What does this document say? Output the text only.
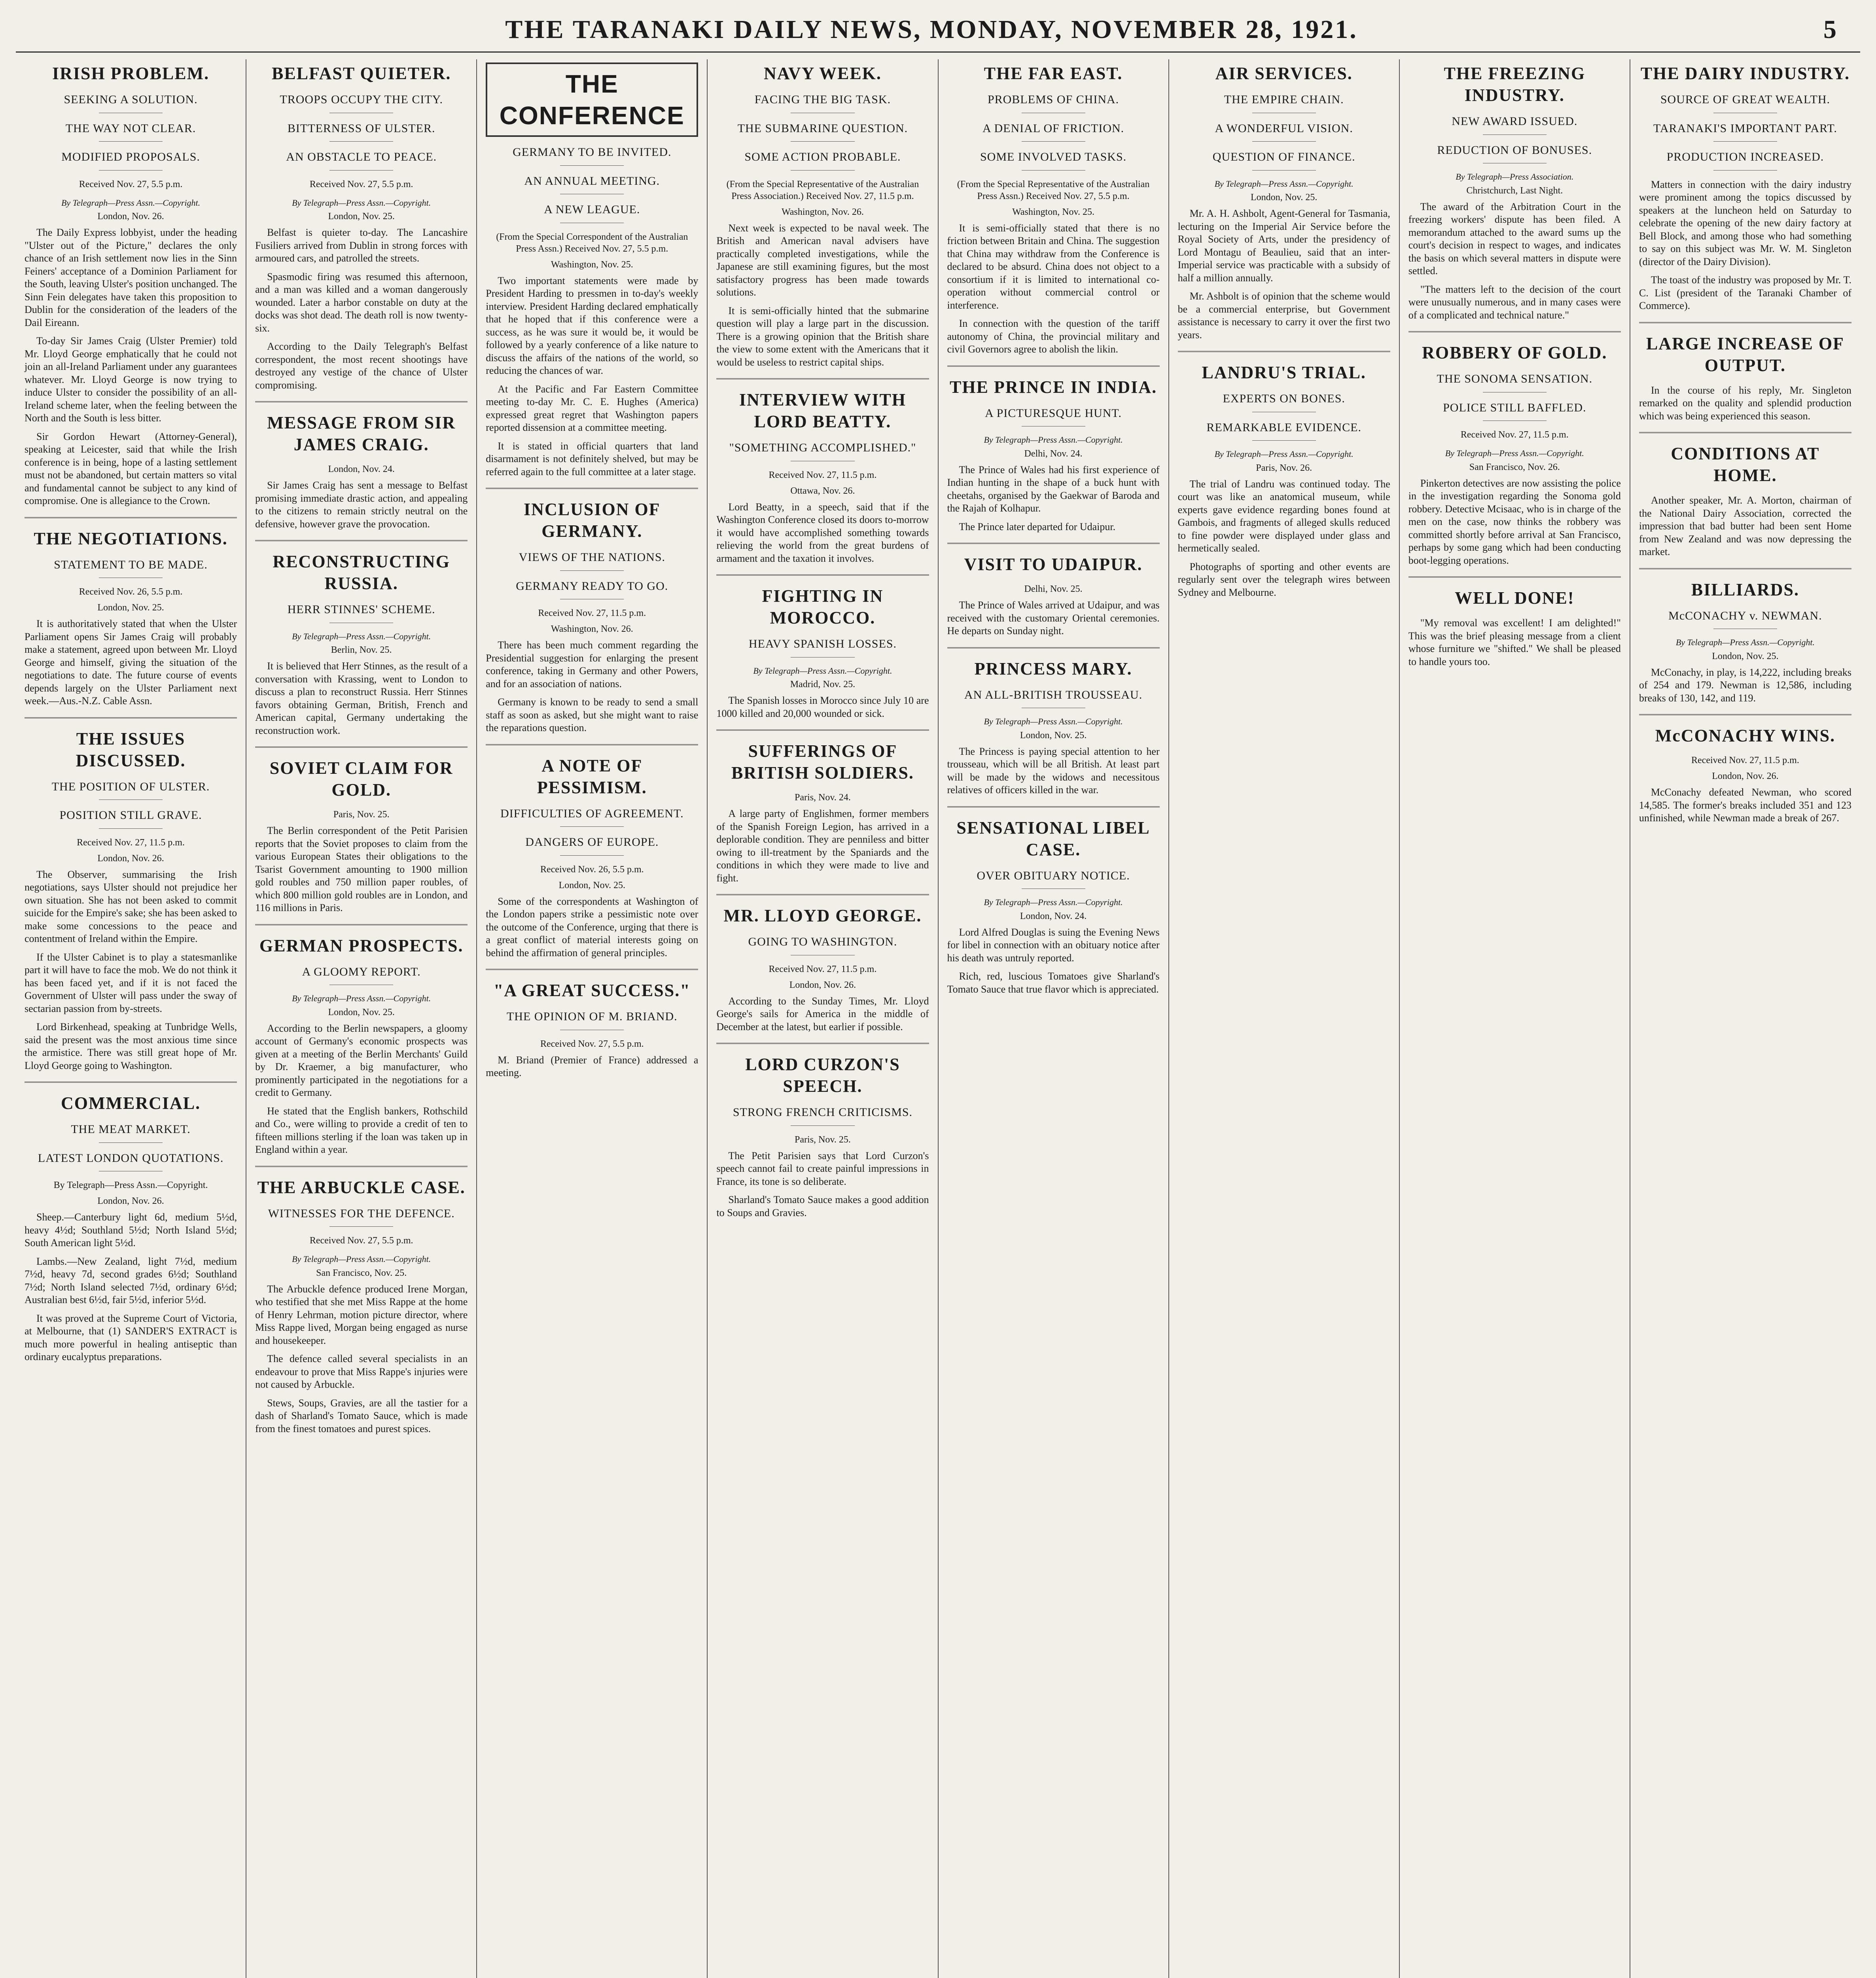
THE TARANAKI DAILY NEWS, MONDAY, NOVEMBER 28, 1921.	5
IRISH PROBLEM.
SEEKING A SOLUTION.
THE WAY NOT CLEAR.
MODIFIED PROPOSALS.
Received Nov. 27, 5.5 p.m.
By Telegraph—Press Assn.—Copyright.
London, Nov. 26.

The Daily Express lobbyist, under the heading "Ulster out of the Picture," declares the only chance of an Irish settlement now lies in the Sinn Feiners' acceptance of a Dominion Parliament for the South, leaving Ulster's position unchanged. The Sinn Fein delegates have taken this proposition to Dublin for the consideration of the leaders of the Dail Eireann.

To-day Sir James Craig (Ulster Premier) told Mr. Lloyd George emphatically that he could not join an all-Ireland Parliament under any guarantees whatever. Mr. Lloyd George is now trying to induce Ulster to consider the possibility of an all-Ireland scheme later, when the feeling between the North and the South is less bitter.

Sir Gordon Hewart (Attorney-General), speaking at Leicester, said that while the Irish conference is in being, hope of a lasting settlement must not be abandoned, but certain matters so vital and fundamental cannot be subject to any kind of compromise. One is allegiance to the Crown.

THE NEGOTIATIONS.
STATEMENT TO BE MADE.
Received Nov. 26, 5.5 p.m.
London, Nov. 25.

It is authoritatively stated that when the Ulster Parliament opens Sir James Craig will probably make a statement, agreed upon between Mr. Lloyd George and himself, giving the situation of the negotiations to date. The future course of events depends largely on the Ulster Parliament next week.—Aus.-N.Z. Cable Assn.

THE ISSUES DISCUSSED.
THE POSITION OF ULSTER.
POSITION STILL GRAVE.
Received Nov. 27, 11.5 p.m.
London, Nov. 26.

The Observer, summarising the Irish negotiations, says Ulster should not prejudice her own situation. She has not been asked to commit suicide for the Empire's sake; she has been asked to make some concessions to the peace and contentment of Ireland within the Empire.

If the Ulster Cabinet is to play a statesmanlike part it will have to face the mob. We do not think it has been faced yet, and if it is not faced the Government of Ulster will pass under the sway of sectarian passion from by-streets.

Lord Birkenhead, speaking at Tunbridge Wells, said the present was the most anxious time since the armistice. There was still great hope of Mr. Lloyd George going to Washington.

COMMERCIAL.
THE MEAT MARKET.
LATEST LONDON QUOTATIONS.
By Telegraph—Press Assn.—Copyright.
London, Nov. 26.

Sheep.—Canterbury light 6d, medium 5½d, heavy 4½d; Southland 5½d; North Island 5½d; South American light 5½d.

Lambs.—New Zealand, light 7½d, medium 7½d, heavy 7d, second grades 6½d; Southland 7½d; North Island selected 7½d, ordinary 6½d; Australian best 6½d, fair 5½d, inferior 5½d.

It was proved at the Supreme Court of Victoria, at Melbourne, that (1) SANDER'S EXTRACT is much more powerful in healing antiseptic than ordinary eucalyptus preparations.

BELFAST QUIETER.
TROOPS OCCUPY THE CITY.
BITTERNESS OF ULSTER.
AN OBSTACLE TO PEACE.
Received Nov. 27, 5.5 p.m.
By Telegraph—Press Assn.—Copyright.
London, Nov. 25.

Belfast is quieter to-day. The Lancashire Fusiliers arrived from Dublin in strong forces with armoured cars, and patrolled the streets.

Spasmodic firing was resumed this afternoon, and a man was killed and a woman dangerously wounded. Later a harbor constable on duty at the docks was shot dead. The death roll is now twenty-six.

According to the Daily Telegraph's Belfast correspondent, the most recent shootings have destroyed any vestige of the chance of Ulster compromising.

MESSAGE FROM SIR JAMES CRAIG.
London, Nov. 24.

Sir James Craig has sent a message to Belfast promising immediate drastic action, and appealing to the citizens to remain strictly neutral on the defensive, however grave the provocation.

RECONSTRUCTING RUSSIA.
HERR STINNES' SCHEME.
By Telegraph—Press Assn.—Copyright.
Berlin, Nov. 25.

It is believed that Herr Stinnes, as the result of a conversation with Krassing, went to London to discuss a plan to reconstruct Russia. Herr Stinnes favors obtaining German, British, French and American capital, Germany undertaking the reconstruction work.

SOVIET CLAIM FOR GOLD.
Paris, Nov. 25.

The Berlin correspondent of the Petit Parisien reports that the Soviet proposes to claim from the various European States their obligations to the Tsarist Government amounting to 1900 million gold roubles and 750 million paper roubles, of which 800 million gold roubles are in London, and 116 millions in Paris.

GERMAN PROSPECTS.
A GLOOMY REPORT.
By Telegraph—Press Assn.—Copyright.
London, Nov. 25.

According to the Berlin newspapers, a gloomy account of Germany's economic prospects was given at a meeting of the Berlin Merchants' Guild by Dr. Kraemer, a big manufacturer, who prominently participated in the negotiations for a credit to Germany.

He stated that the English bankers, Rothschild and Co., were willing to provide a credit of ten to fifteen millions sterling if the loan was taken up in England within a year.

THE ARBUCKLE CASE.
WITNESSES FOR THE DEFENCE.
Received Nov. 27, 5.5 p.m.
By Telegraph—Press Assn.—Copyright.
San Francisco, Nov. 25.

The Arbuckle defence produced Irene Morgan, who testified that she met Miss Rappe at the home of Henry Lehrman, motion picture director, where Miss Rappe lived, Morgan being engaged as nurse and housekeeper.

The defence called several specialists in an endeavour to prove that Miss Rappe's injuries were not caused by Arbuckle.

Stews, Soups, Gravies, are all the tastier for a dash of Sharland's Tomato Sauce, which is made from the finest tomatoes and purest spices.

THE CONFERENCE
GERMANY TO BE INVITED.
AN ANNUAL MEETING.
A NEW LEAGUE.
(From the Special Correspondent of the Australian Press Assn.) Received Nov. 27, 5.5 p.m.
Washington, Nov. 25.

Two important statements were made by President Harding to pressmen in to-day's weekly interview. President Harding declared emphatically that he hoped that if this conference were a success, as he was sure it would be, it would be followed by a yearly conference of a like nature to discuss the affairs of the nations of the world, so reducing the chances of war.

At the Pacific and Far Eastern Committee meeting to-day Mr. C. E. Hughes (America) expressed great regret that Washington papers reported dissension at a committee meeting.

It is stated in official quarters that land disarmament is not definitely shelved, but may be referred again to the full committee at a later stage.

INCLUSION OF GERMANY.
VIEWS OF THE NATIONS.
GERMANY READY TO GO.
Received Nov. 27, 11.5 p.m.
Washington, Nov. 26.

There has been much comment regarding the Presidential suggestion for enlarging the present conference, taking in Germany and other Powers, and for an association of nations.

Germany is known to be ready to send a small staff as soon as asked, but she might want to raise the reparations question.

A NOTE OF PESSIMISM.
DIFFICULTIES OF AGREEMENT.
DANGERS OF EUROPE.
Received Nov. 26, 5.5 p.m.
London, Nov. 25.

Some of the correspondents at Washington of the London papers strike a pessimistic note over the outcome of the Conference, urging that there is a great conflict of material interests going on behind the affirmation of general principles.

"A GREAT SUCCESS."
THE OPINION OF M. BRIAND.
Received Nov. 27, 5.5 p.m.

M. Briand (Premier of France) addressed a meeting.

NAVY WEEK.
FACING THE BIG TASK.
THE SUBMARINE QUESTION.
SOME ACTION PROBABLE.
(From the Special Representative of the Australian Press Association.) Received Nov. 27, 11.5 p.m.
Washington, Nov. 26.

Next week is expected to be naval week. The British and American naval advisers have practically completed investigations, while the Japanese are still examining figures, but the most satisfactory progress has been made towards solutions.

It is semi-officially hinted that the submarine question will play a large part in the discussion. There is a growing opinion that the British share the view to some extent with the Americans that it would be useless to restrict capital ships.

INTERVIEW WITH LORD BEATTY.
"SOMETHING ACCOMPLISHED."
Received Nov. 27, 11.5 p.m.
Ottawa, Nov. 26.

Lord Beatty, in a speech, said that if the Washington Conference closed its doors to-morrow it would have accomplished something towards relieving the world from the great burdens of armament and the taxation it involves.

FIGHTING IN MOROCCO.
HEAVY SPANISH LOSSES.
By Telegraph—Press Assn.—Copyright.
Madrid, Nov. 25.

The Spanish losses in Morocco since July 10 are 1000 killed and 20,000 wounded or sick.

SUFFERINGS OF BRITISH SOLDIERS.
Paris, Nov. 24.

A large party of Englishmen, former members of the Spanish Foreign Legion, has arrived in a deplorable condition. They are penniless and bitter owing to ill-treatment by the Spaniards and the conditions in which they were made to live and fight.

MR. LLOYD GEORGE.
GOING TO WASHINGTON.
Received Nov. 27, 11.5 p.m.
London, Nov. 26.

According to the Sunday Times, Mr. Lloyd George's sails for America in the middle of December at the latest, but earlier if possible.

LORD CURZON'S SPEECH.
STRONG FRENCH CRITICISMS.
Paris, Nov. 25.

The Petit Parisien says that Lord Curzon's speech cannot fail to create painful impressions in France, its tone is so deliberate.

Sharland's Tomato Sauce makes a good addition to Soups and Gravies.

THE FAR EAST.
PROBLEMS OF CHINA.
A DENIAL OF FRICTION.
SOME INVOLVED TASKS.
(From the Special Representative of the Australian Press Assn.) Received Nov. 27, 5.5 p.m.
Washington, Nov. 25.

It is semi-officially stated that there is no friction between Britain and China. The suggestion that China may withdraw from the Conference is declared to be absurd. China does not object to a consortium if it is limited to international co-operation without commercial control or interference.

In connection with the question of the tariff autonomy of China, the provincial military and civil Governors agree to abolish the likin.

THE PRINCE IN INDIA.
A PICTURESQUE HUNT.
By Telegraph—Press Assn.—Copyright.
Delhi, Nov. 24.

The Prince of Wales had his first experience of Indian hunting in the shape of a buck hunt with cheetahs, organised by the Gaekwar of Baroda and the Rajah of Kolhapur.

The Prince later departed for Udaipur.

VISIT TO UDAIPUR.
Delhi, Nov. 25.

The Prince of Wales arrived at Udaipur, and was received with the customary Oriental ceremonies. He departs on Sunday night.

PRINCESS MARY.
AN ALL-BRITISH TROUSSEAU.
By Telegraph—Press Assn.—Copyright.
London, Nov. 25.

The Princess is paying special attention to her trousseau, which will be all British. At least part will be made by the widows and necessitous relatives of officers killed in the war.

SENSATIONAL LIBEL CASE.
OVER OBITUARY NOTICE.
By Telegraph—Press Assn.—Copyright.
London, Nov. 24.

Lord Alfred Douglas is suing the Evening News for libel in connection with an obituary notice after his death was untruly reported.

Rich, red, luscious Tomatoes give Sharland's Tomato Sauce that true flavor which is appreciated.

AIR SERVICES.
THE EMPIRE CHAIN.
A WONDERFUL VISION.
QUESTION OF FINANCE.
By Telegraph—Press Assn.—Copyright.
London, Nov. 25.

Mr. A. H. Ashbolt, Agent-General for Tasmania, lecturing on the Imperial Air Service before the Royal Society of Arts, under the presidency of Lord Montagu of Beaulieu, said that an inter-Imperial service was practicable with a subsidy of half a million annually.

Mr. Ashbolt is of opinion that the scheme would be a commercial enterprise, but Government assistance is necessary to carry it over the first two years.

LANDRU'S TRIAL.
EXPERTS ON BONES.
REMARKABLE EVIDENCE.
By Telegraph—Press Assn.—Copyright.
Paris, Nov. 26.

The trial of Landru was continued today. The court was like an anatomical museum, while experts gave evidence regarding bones found at Gambois, and fragments of alleged skulls reduced to fine powder were displayed under glass and hermetically sealed.

Photographs of sporting and other events are regularly sent over the telegraph wires between Sydney and Melbourne.

THE FREEZING INDUSTRY.
NEW AWARD ISSUED.
REDUCTION OF BONUSES.
By Telegraph—Press Association.
Christchurch, Last Night.

The award of the Arbitration Court in the freezing workers' dispute has been filed. A memorandum attached to the award sums up the court's decision in respect to wages, and indicates the basis on which several matters in dispute were settled.

"The matters left to the decision of the court were unusually numerous, and in many cases were of a complicated and technical nature."

ROBBERY OF GOLD.
THE SONOMA SENSATION.
POLICE STILL BAFFLED.
Received Nov. 27, 11.5 p.m.
By Telegraph—Press Assn.—Copyright.
San Francisco, Nov. 26.

Pinkerton detectives are now assisting the police in the investigation regarding the Sonoma gold robbery. Detective Mcisaac, who is in charge of the men on the case, now thinks the robbery was committed shortly before arrival at San Francisco, perhaps by some gang which had been conducting boot-legging operations.

WELL DONE!

"My removal was excellent! I am delighted!" This was the brief pleasing message from a client whose furniture we "shifted." We shall be pleased to handle yours too.

THE DAIRY INDUSTRY.
SOURCE OF GREAT WEALTH.
TARANAKI'S IMPORTANT PART.
PRODUCTION INCREASED.

Matters in connection with the dairy industry were prominent among the topics discussed by speakers at the luncheon held on Saturday to celebrate the opening of the new dairy factory at Bell Block, and among those who had something to say on this subject was Mr. W. M. Singleton (director of the Dairy Division).

The toast of the industry was proposed by Mr. T. C. List (president of the Taranaki Chamber of Commerce).

LARGE INCREASE OF OUTPUT.

In the course of his reply, Mr. Singleton remarked on the quality and splendid production which was being experienced this season.

CONDITIONS AT HOME.

Another speaker, Mr. A. Morton, chairman of the National Dairy Association, corrected the impression that bad butter had been sent Home from New Zealand and was now depressing the market.

BILLIARDS.
McCONACHY v. NEWMAN.
By Telegraph—Press Assn.—Copyright.
London, Nov. 25.

McConachy, in play, is 14,222, including breaks of 254 and 179. Newman is 12,586, including breaks of 130, 142, and 119.

McCONACHY WINS.
Received Nov. 27, 11.5 p.m.
London, Nov. 26.

McConachy defeated Newman, who scored 14,585. The former's breaks included 351 and 123 unfinished, while Newman made a break of 267.
